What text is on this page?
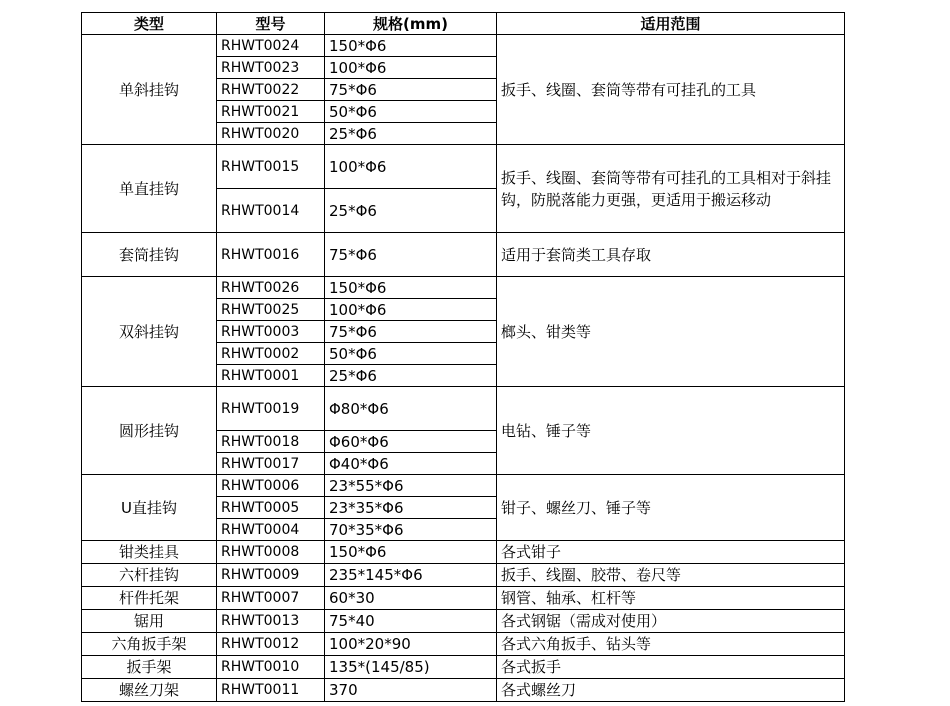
类型	型号	规格(mm)	适用范围
单斜挂钩	RHWT0024	150*Φ6	扳手、线圈、套筒等带有可挂孔的工具
	RHWT0023	100*Φ6	
	RHWT0022	75*Φ6	
	RHWT0021	50*Φ6	
	RHWT0020	25*Φ6	
单直挂钩	RHWT0015	100*Φ6	扳手、线圈、套筒等带有可挂孔的工具相对于斜挂钩，防脱落能力更强，更适用于搬运移动
	RHWT0014	25*Φ6	
套筒挂钩	RHWT0016	75*Φ6	适用于套筒类工具存取
双斜挂钩	RHWT0026	150*Φ6	榔头、钳类等
	RHWT0025	100*Φ6	
	RHWT0003	75*Φ6	
	RHWT0002	50*Φ6	
	RHWT0001	25*Φ6	
圆形挂钩	RHWT0019	Φ80*Φ6	电钻、锤子等
	RHWT0018	Φ60*Φ6	
	RHWT0017	Φ40*Φ6	
U直挂钩	RHWT0006	23*55*Φ6	钳子、螺丝刀、锤子等
	RHWT0005	23*35*Φ6	
	RHWT0004	70*35*Φ6	
钳类挂具	RHWT0008	150*Φ6	各式钳子
六杆挂钩	RHWT0009	235*145*Φ6	扳手、线圈、胶带、卷尺等
杆件托架	RHWT0007	60*30	钢管、轴承、杠杆等
锯用	RHWT0013	75*40	各式钢锯（需成对使用）
六角扳手架	RHWT0012	100*20*90	各式六角扳手、钻头等
扳手架	RHWT0010	135*(145/85)	各式扳手
螺丝刀架	RHWT0011	370	各式螺丝刀
